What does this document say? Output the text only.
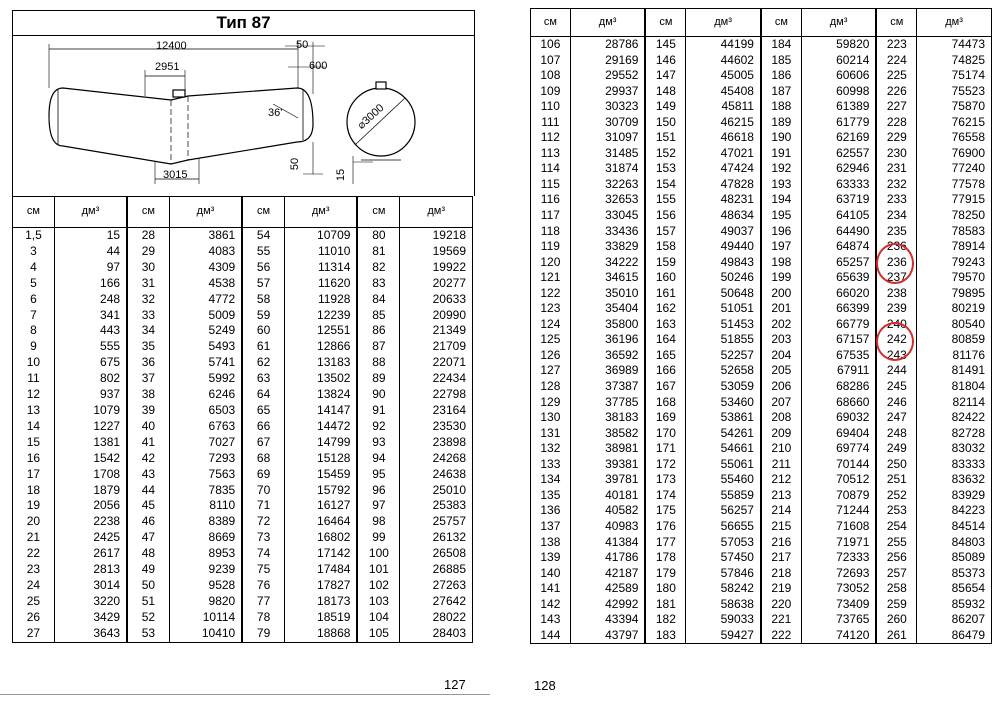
Тип 87
12400	50
600
2951
36'
3015
50
⌀3000
15
см	дм³	см	дм³	см	дм³	см	дм³
1,5	15	28	3861	54	10709	80	19218
3	44	29	4083	55	11010	81	19569
4	97	30	4309	56	11314	82	19922
5	166	31	4538	57	11620	83	20277
6	248	32	4772	58	11928	84	20633
7	341	33	5009	59	12239	85	20990
8	443	34	5249	60	12551	86	21349
9	555	35	5493	61	12866	87	21709
10	675	36	5741	62	13183	88	22071
11	802	37	5992	63	13502	89	22434
12	937	38	6246	64	13824	90	22798
13	1079	39	6503	65	14147	91	23164
14	1227	40	6763	66	14472	92	23530
15	1381	41	7027	67	14799	93	23898
16	1542	42	7293	68	15128	94	24268
17	1708	43	7563	69	15459	95	24638
18	1879	44	7835	70	15792	96	25010
19	2056	45	8110	71	16127	97	25383
20	2238	46	8389	72	16464	98	25757
21	2425	47	8669	73	16802	99	26132
22	2617	48	8953	74	17142	100	26508
23	2813	49	9239	75	17484	101	26885
24	3014	50	9528	76	17827	102	27263
25	3220	51	9820	77	18173	103	27642
26	3429	52	10114	78	18519	104	28022
27	3643	53	10410	79	18868	105	28403
127
см	дм³	см	дм³	см	дм³	см	дм³
106	28786	145	44199	184	59820	223	74473
107	29169	146	44602	185	60214	224	74825
108	29552	147	45005	186	60606	225	75174
109	29937	148	45408	187	60998	226	75523
110	30323	149	45811	188	61389	227	75870
111	30709	150	46215	189	61779	228	76215
112	31097	151	46618	190	62169	229	76558
113	31485	152	47021	191	62557	230	76900
114	31874	153	47424	192	62946	231	77240
115	32263	154	47828	193	63333	232	77578
116	32653	155	48231	194	63719	233	77915
117	33045	156	48634	195	64105	234	78250
118	33436	157	49037	196	64490	235	78583
119	33829	158	49440	197	64874	236	78914
120	34222	159	49843	198	65257	236	79243
121	34615	160	50246	199	65639	237	79570
122	35010	161	50648	200	66020	238	79895
123	35404	162	51051	201	66399	239	80219
124	35800	163	51453	202	66779	240	80540
125	36196	164	51855	203	67157	242	80859
126	36592	165	52257	204	67535	243	81176
127	36989	166	52658	205	67911	244	81491
128	37387	167	53059	206	68286	245	81804
129	37785	168	53460	207	68660	246	82114
130	38183	169	53861	208	69032	247	82422
131	38582	170	54261	209	69404	248	82728
132	38981	171	54661	210	69774	249	83032
133	39381	172	55061	211	70144	250	83333
134	39781	173	55460	212	70512	251	83632
135	40181	174	55859	213	70879	252	83929
136	40582	175	56257	214	71244	253	84223
137	40983	176	56655	215	71608	254	84514
138	41384	177	57053	216	71971	255	84803
139	41786	178	57450	217	72333	256	85089
140	42187	179	57846	218	72693	257	85373
141	42589	180	58242	219	73052	258	85654
142	42992	181	58638	220	73409	259	85932
143	43394	182	59033	221	73765	260	86207
144	43797	183	59427	222	74120	261	86479
128
